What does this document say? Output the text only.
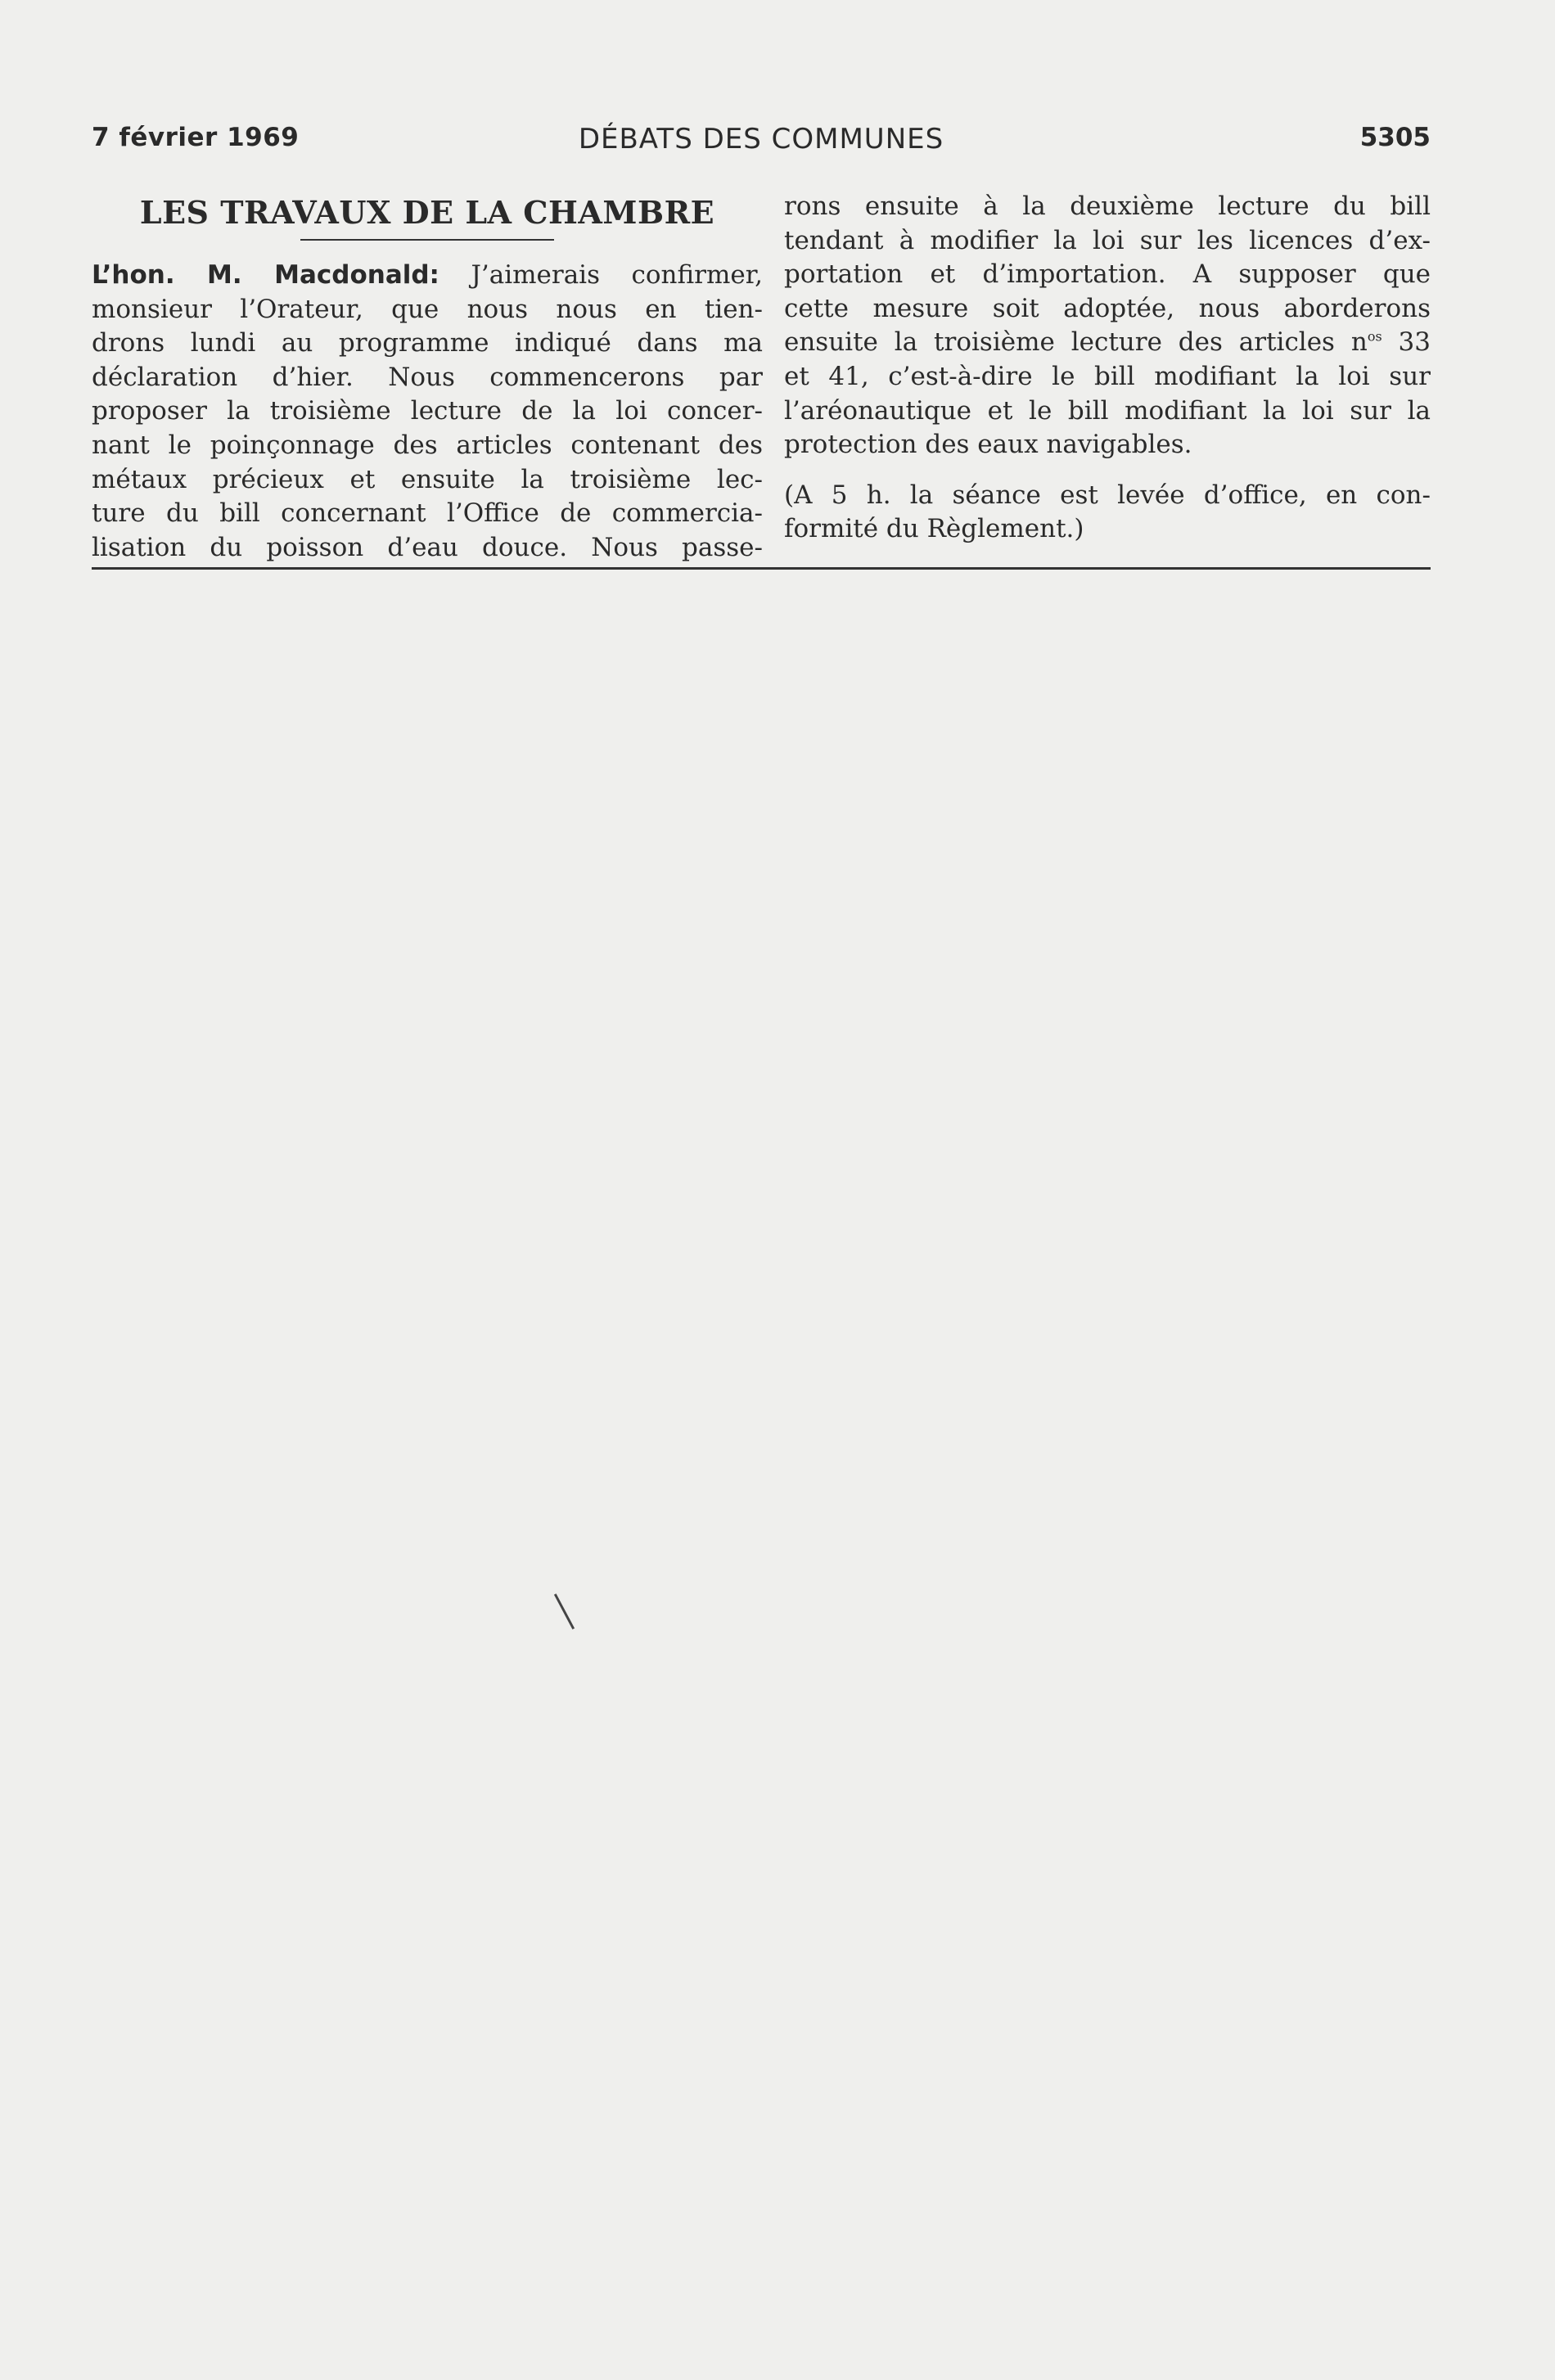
7 février 1969	DÉBATS DES COMMUNES	5305
LES TRAVAUX DE LA CHAMBRE
L’hon. M. Macdonald: J’aimerais confirmer,
monsieur l’Orateur, que nous nous en tien-
drons lundi au programme indiqué dans ma
déclaration d’hier. Nous commencerons par
proposer la troisième lecture de la loi concer-
nant le poinçonnage des articles contenant des
métaux précieux et ensuite la troisième lec-
ture du bill concernant l’Office de commercia-
lisation du poisson d’eau douce. Nous passe-
rons ensuite à la deuxième lecture du bill
tendant à modifier la loi sur les licences d’ex-
portation et d’importation. A supposer que
cette mesure soit adoptée, nous aborderons
ensuite la troisième lecture des articles $n^{os}$ 33
et 41, c’est-à-dire le bill modifiant la loi sur
l’aréonautique et le bill modifiant la loi sur la
protection des eaux navigables.
(A 5 h. la séance est levée d’office, en con-
formité du Règlement.)
